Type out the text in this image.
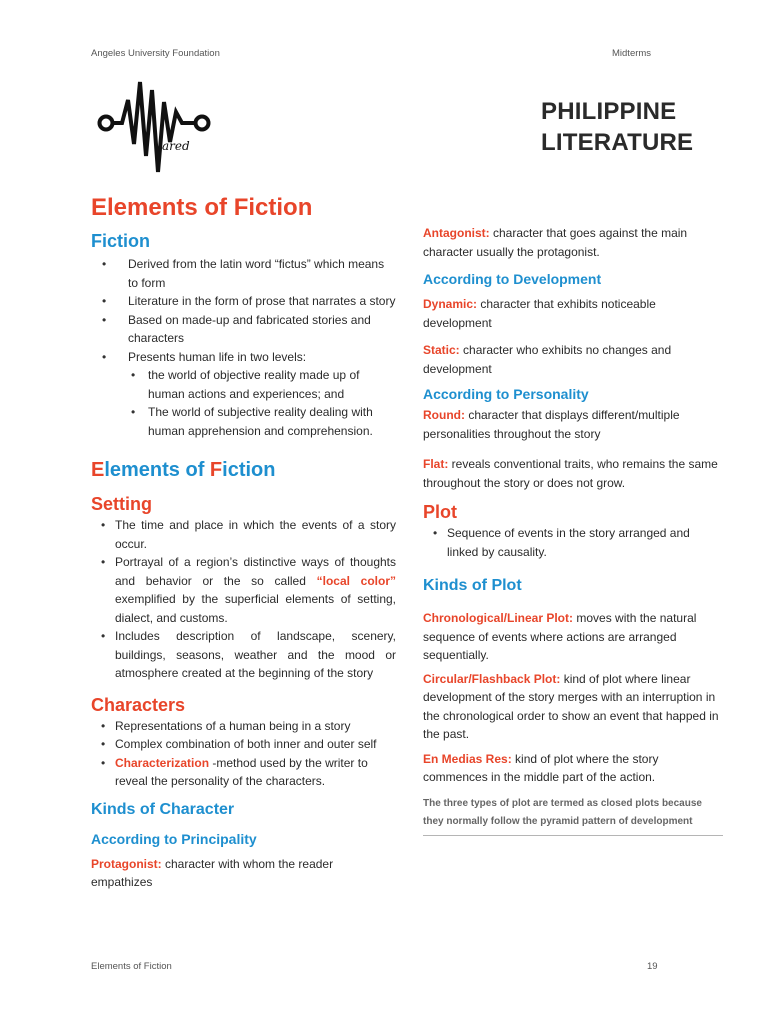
Angeles University Foundation	Midterms
ared
PHILIPPINE
LITERATURE
Elements of Fiction
Fiction
• Derived from the latin word “fictus” which means to form
• Literature in the form of prose that narrates a story
• Based on made-up and fabricated stories and characters
• Presents human life in two levels:
• the world of objective reality made up of human actions and experiences; and
• The world of subjective reality dealing with human apprehension and comprehension.
Elements of Fiction
Setting
• The time and place in which the events of a story occur.
• Portrayal of a region’s distinctive ways of thoughts and behavior or the so called “local color” exemplified by the superficial elements of setting, dialect, and customs.
• Includes description of landscape, scenery, buildings, seasons, weather and the mood or atmosphere created at the beginning of the story
Characters
• Representations of a human being in a story
• Complex combination of both inner and outer self
• Characterization -method used by the writer to reveal the personality of the characters.
Kinds of Character
According to Principality
Protagonist: character with whom the reader empathizes
Antagonist: character that goes against the main character usually the protagonist.
According to Development
Dynamic: character that exhibits noticeable development
Static: character who exhibits no changes and development
According to Personality
Round: character that displays different/multiple personalities throughout the story
Flat: reveals conventional traits, who remains the same throughout the story or does not grow.
Plot
• Sequence of events in the story arranged and linked by causality.
Kinds of Plot
Chronological/Linear Plot: moves with the natural sequence of events where actions are arranged sequentially.
Circular/Flashback Plot: kind of plot where linear development of the story merges with an interruption in the chronological order to show an event that happed in the past.
En Medias Res: kind of plot where the story commences in the middle part of the action.
The three types of plot are termed as closed plots because they normally follow the pyramid pattern of development
Elements of Fiction	19
